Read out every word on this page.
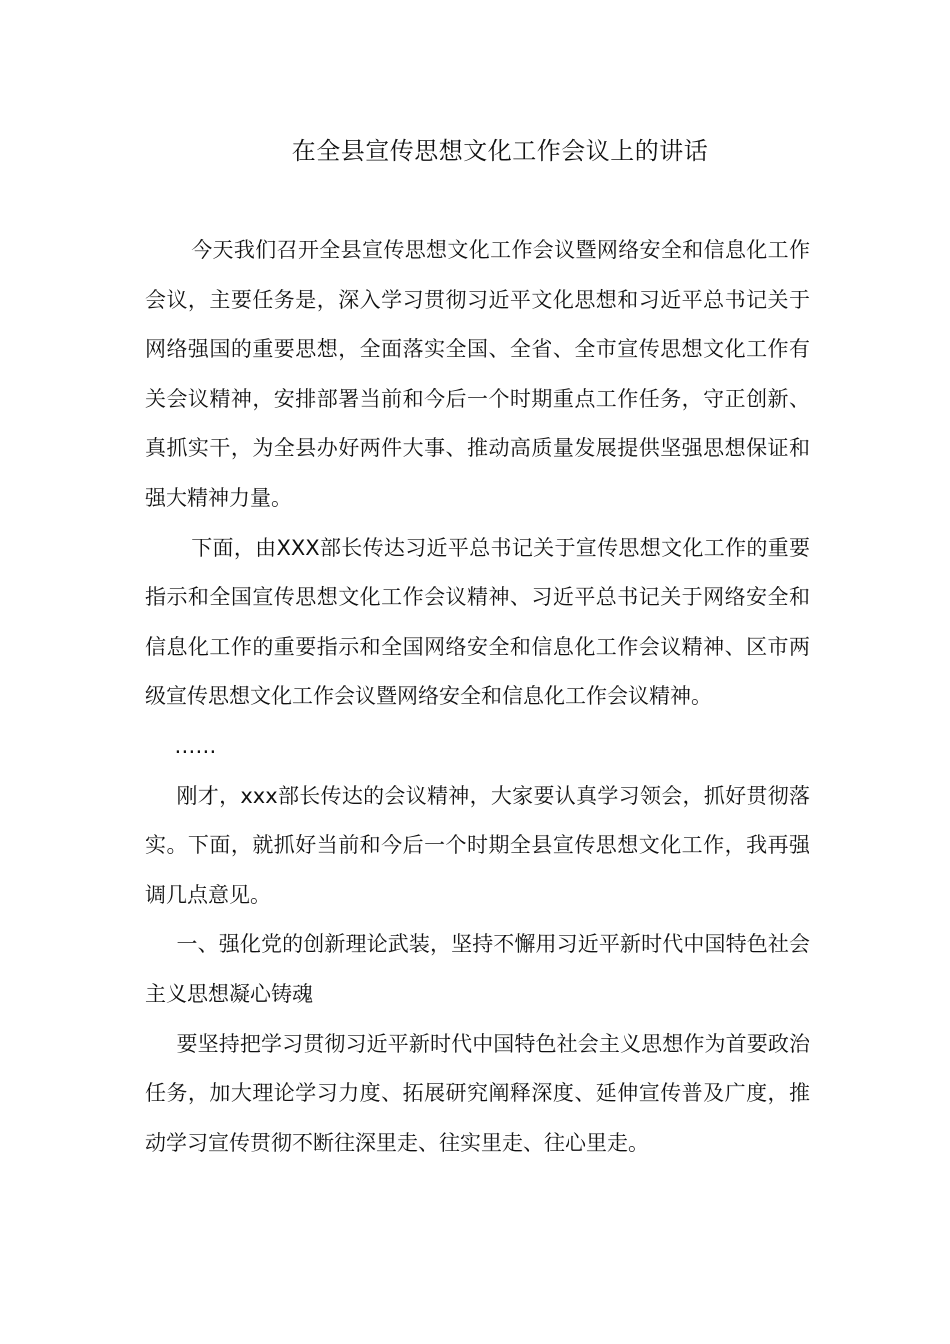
在全县宣传思想文化工作会议上的讲话

今天我们召开全县宣传思想文化工作会议暨网络安全和信息化工作会议，主要任务是，深入学习贯彻习近平文化思想和习近平总书记关于网络强国的重要思想，全面落实全国、全省、全市宣传思想文化工作有关会议精神，安排部署当前和今后一个时期重点工作任务，守正创新、真抓实干，为全县办好两件大事、推动高质量发展提供坚强思想保证和强大精神力量。

下面，由XXX部长传达习近平总书记关于宣传思想文化工作的重要指示和全国宣传思想文化工作会议精神、习近平总书记关于网络安全和信息化工作的重要指示和全国网络安全和信息化工作会议精神、区市两级宣传思想文化工作会议暨网络安全和信息化工作会议精神。

……

刚才，xxx部长传达的会议精神，大家要认真学习领会，抓好贯彻落实。下面，就抓好当前和今后一个时期全县宣传思想文化工作，我再强调几点意见。

一、强化党的创新理论武装，坚持不懈用习近平新时代中国特色社会主义思想凝心铸魂

要坚持把学习贯彻习近平新时代中国特色社会主义思想作为首要政治任务，加大理论学习力度、拓展研究阐释深度、延伸宣传普及广度，推动学习宣传贯彻不断往深里走、往实里走、往心里走。
